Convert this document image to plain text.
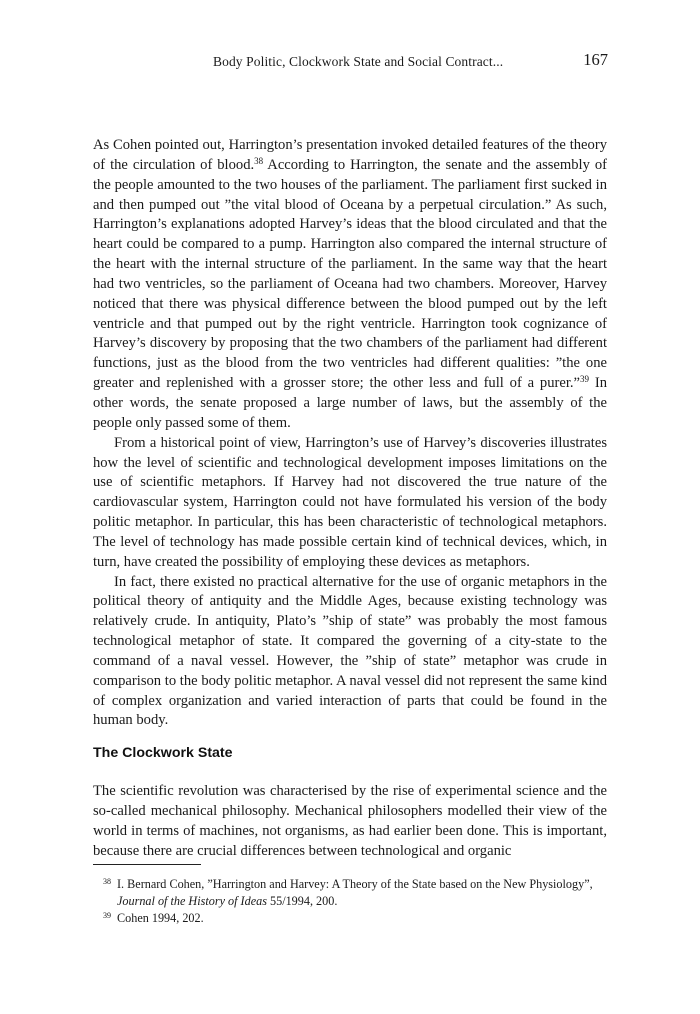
Body Politic, Clockwork State and Social Contract...	167

As Cohen pointed out, Harrington’s presentation invoked detailed features of the theory of the circulation of blood.$^{38}$ According to Harrington, the senate and the assembly of the people amounted to the two houses of the parliament. The parliament first sucked in and then pumped out ”the vital blood of Oceana by a perpetual circulation.” As such, Harrington’s explanations adopted Harvey’s ideas that the blood circulated and that the heart could be compared to a pump. Harrington also compared the internal structure of the heart with the internal structure of the parliament. In the same way that the heart had two ventricles, so the parliament of Oceana had two chambers. Moreover, Harvey noticed that there was physical difference between the blood pumped out by the left ventricle and that pumped out by the right ventricle. Harrington took cognizance of Harvey’s discovery by proposing that the two chambers of the parliament had different functions, just as the blood from the two ventricles had different qualities: ”the one greater and replenished with a grosser store; the other less and full of a purer.”$^{39}$ In other words, the senate proposed a large number of laws, but the assembly of the people only passed some of them.

From a historical point of view, Harrington’s use of Harvey’s discoveries illustrates how the level of scientific and technological development imposes limitations on the use of scientific metaphors. If Harvey had not discovered the true nature of the cardiovascular system, Harrington could not have formulated his version of the body politic metaphor. In particular, this has been characteristic of technological metaphors. The level of technology has made possible certain kind of technical devices, which, in turn, have created the possibility of employing these devices as metaphors.

In fact, there existed no practical alternative for the use of organic metaphors in the political theory of antiquity and the Middle Ages, because existing technology was relatively crude. In antiquity, Plato’s ”ship of state” was probably the most famous technological metaphor of state. It compared the governing of a city-state to the command of a naval vessel. However, the ”ship of state” metaphor was crude in comparison to the body politic metaphor. A naval vessel did not represent the same kind of complex organization and varied interaction of parts that could be found in the human body.

The Clockwork State

The scientific revolution was characterised by the rise of experimental science and the so-called mechanical philosophy. Mechanical philosophers modelled their view of the world in terms of machines, not organisms, as had earlier been done. This is important, because there are crucial differences between technological and organic

38 I. Bernard Cohen, ”Harrington and Harvey: A Theory of the State based on the New Physiology”, Journal of the History of Ideas 55/1994, 200.
39 Cohen 1994, 202.
